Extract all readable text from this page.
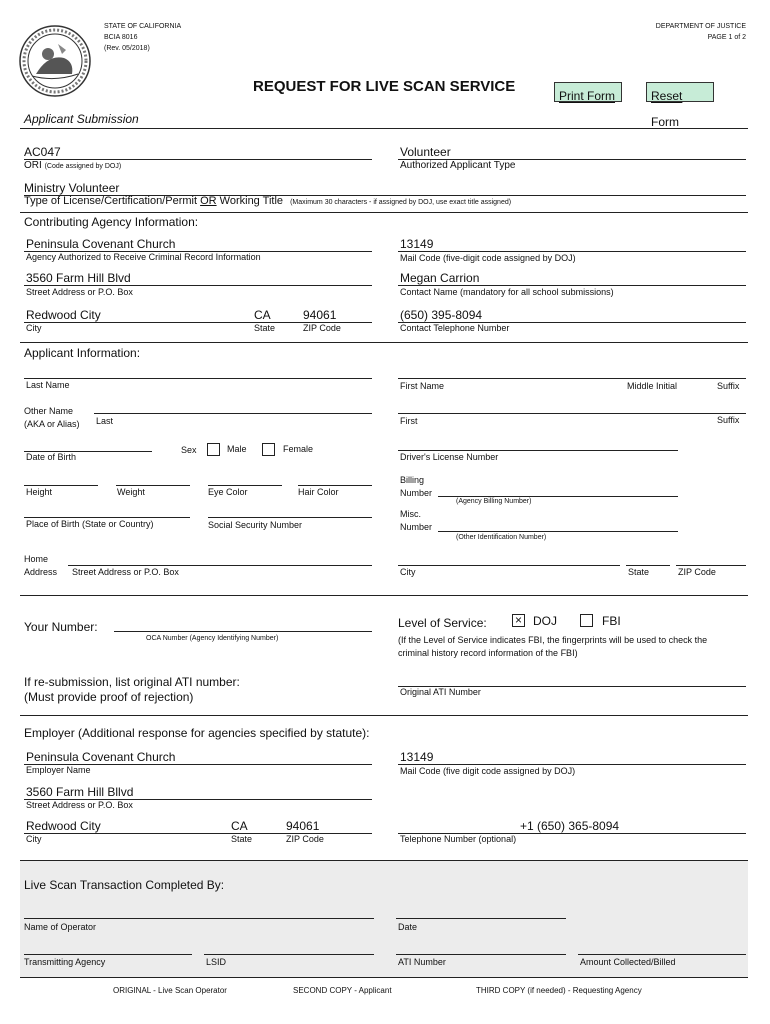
STATE OF CALIFORNIA
BCIA 8016
(Rev. 05/2018)
DEPARTMENT OF JUSTICE
PAGE 1 of 2
REQUEST FOR LIVE SCAN SERVICE
Print Form	Reset Form
Applicant Submission
AC047
ORI (Code assigned by DOJ)
Volunteer
Authorized Applicant Type
Ministry Volunteer
Type of License/Certification/Permit OR Working Title (Maximum 30 characters - if assigned by DOJ, use exact title assigned)
Contributing Agency Information:
Peninsula Covenant Church
Agency Authorized to Receive Criminal Record Information
13149
Mail Code (five-digit code assigned by DOJ)
3560 Farm Hill Blvd
Street Address or P.O. Box
Megan Carrion
Contact Name (mandatory for all school submissions)
Redwood City	CA	94061
City	State	ZIP Code
(650) 395-8094
Contact Telephone Number
Applicant Information:
Last Name	First Name	Middle Initial	Suffix
Other Name
(AKA or Alias) Last	First	Suffix
Date of Birth
Sex	Male	Female
Driver's License Number
Height	Weight	Eye Color	Hair Color
Billing
Number
(Agency Billing Number)
Place of Birth (State or Country)	Social Security Number
Misc.
Number
(Other Identification Number)
Home
Address Street Address or P.O. Box	City	State	ZIP Code
Your Number:
OCA Number (Agency Identifying Number)
Level of Service: × DOJ	FBI
(If the Level of Service indicates FBI, the fingerprints will be used to check the
criminal history record information of the FBI)
If re-submission, list original ATI number:
(Must provide proof of rejection)	Original ATI Number
Employer (Additional response for agencies specified by statute):
Peninsula Covenant Church
Employer Name
13149
Mail Code (five digit code assigned by DOJ)
3560 Farm Hill Bllvd
Street Address or P.O. Box
Redwood City	CA	94061
City	State	ZIP Code
+1 (650) 365-8094
Telephone Number (optional)
Live Scan Transaction Completed By:
Name of Operator	Date
Transmitting Agency	LSID	ATI Number	Amount Collected/Billed
ORIGINAL - Live Scan Operator	SECOND COPY - Applicant	THIRD COPY (if needed) - Requesting Agency
